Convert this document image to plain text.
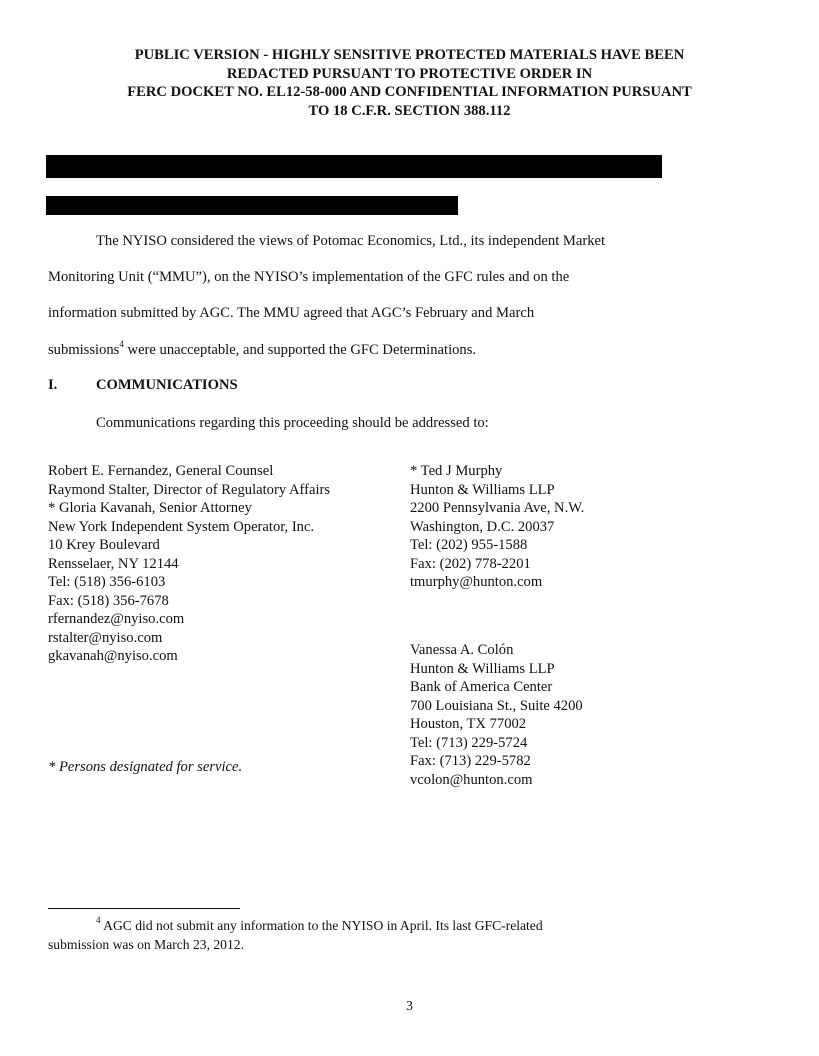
PUBLIC VERSION - HIGHLY SENSITIVE PROTECTED MATERIALS HAVE BEEN
REDACTED PURSUANT TO PROTECTIVE ORDER IN
FERC DOCKET NO. EL12-58-000 AND CONFIDENTIAL INFORMATION PURSUANT
TO 18 C.F.R. SECTION 388.112
The NYISO considered the views of Potomac Economics, Ltd., its independent Market
Monitoring Unit (“MMU”), on the NYISO’s implementation of the GFC rules and on the
information submitted by AGC. The MMU agreed that AGC’s February and March
submissions$^4$ were unacceptable, and supported the GFC Determinations.
I.	COMMUNICATIONS
Communications regarding this proceeding should be addressed to:
Robert E. Fernandez, General Counsel
Raymond Stalter, Director of Regulatory Affairs
* Gloria Kavanah, Senior Attorney
New York Independent System Operator, Inc.
10 Krey Boulevard
Rensselaer, NY 12144
Tel: (518) 356-6103
Fax: (518) 356-7678
rfernandez@nyiso.com
rstalter@nyiso.com
gkavanah@nyiso.com
* Ted J Murphy
Hunton & Williams LLP
2200 Pennsylvania Ave, N.W.
Washington, D.C. 20037
Tel: (202) 955-1588
Fax: (202) 778-2201
tmurphy@hunton.com
Vanessa A. Colón
Hunton & Williams LLP
Bank of America Center
700 Louisiana St., Suite 4200
Houston, TX 77002
Tel: (713) 229-5724
Fax: (713) 229-5782
vcolon@hunton.com
* Persons designated for service.
$^4$ AGC did not submit any information to the NYISO in April. Its last GFC-related
submission was on March 23, 2012.
3
